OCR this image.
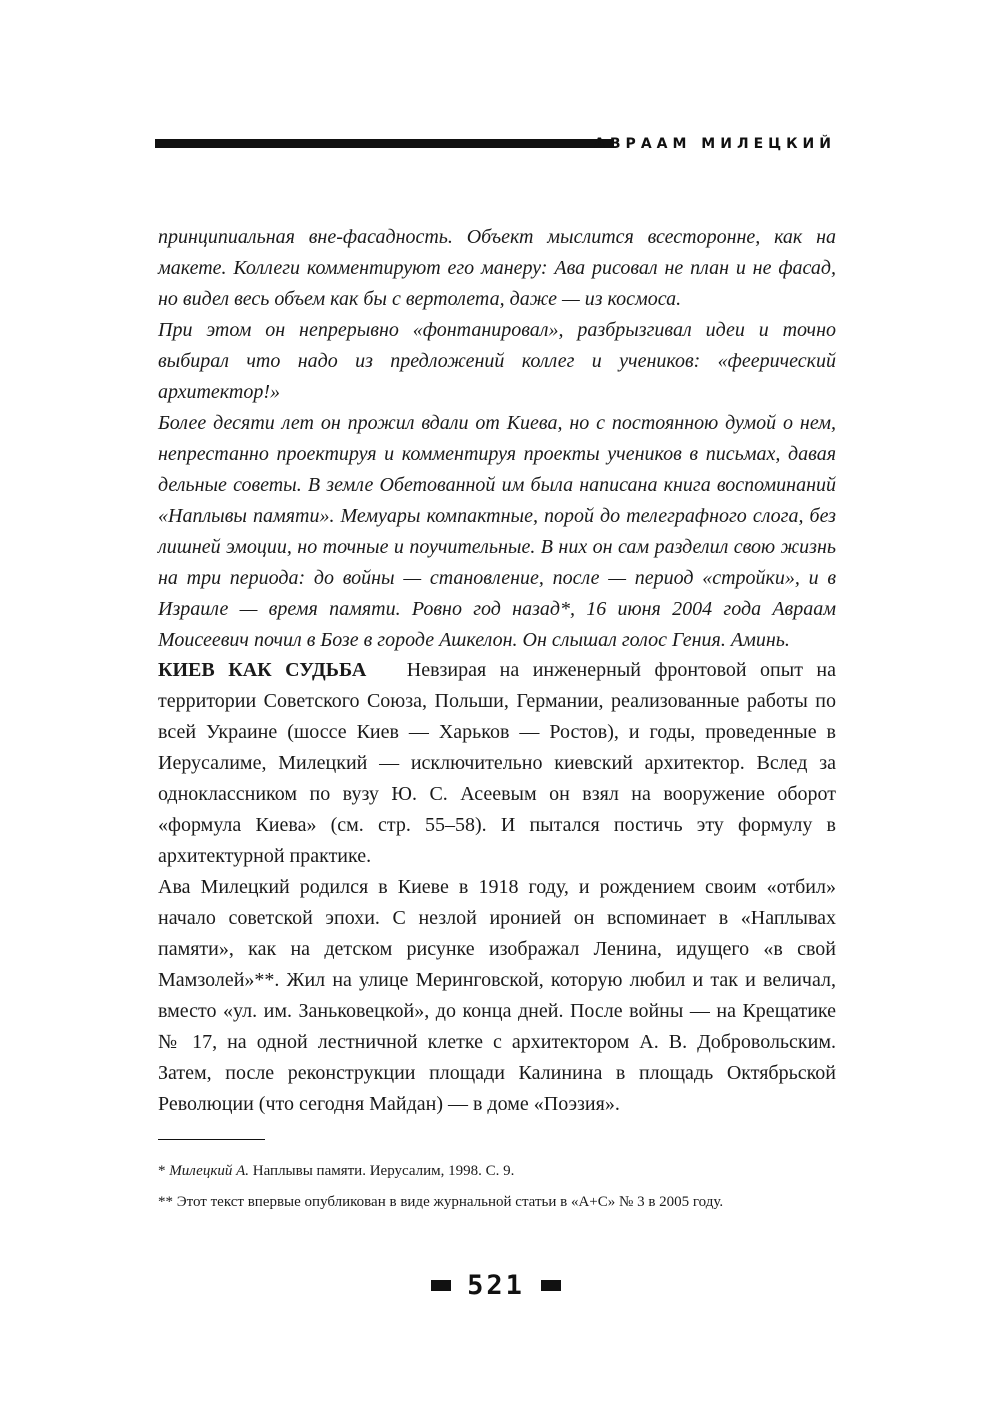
АВРААМ МИЛЕЦКИЙ

принципиальная вне-фасадность. Объект мыслится всесторонне, как на макете. Коллеги комментируют его манеру: Ава рисовал не план и не фасад, но видел весь объем как бы с вертолета, даже — из космоса.

При этом он непрерывно «фонтанировал», разбрызгивал идеи и точно выбирал что надо из предложений коллег и учеников: «феерический архитектор!»

Более десяти лет он прожил вдали от Киева, но с постоянною думой о нем, непрестанно проектируя и комментируя проекты учеников в письмах, давая дельные советы. В земле Обетованной им была написана книга воспоминаний «Наплывы памяти». Мемуары компактные, порой до телеграфного слога, без лишней эмоции, но точные и поучительные. В них он сам разделил свою жизнь на три периода: до войны — становление, после — период «стройки», и в Израиле — время памяти. Ровно год назад*, 16 июня 2004 года Авраам Моисеевич почил в Бозе в городе Ашкелон. Он слышал голос Гения. Аминь.

КИЕВ КАК СУДЬБА Невзирая на инженерный фронтовой опыт на территории Советского Союза, Польши, Германии, реализованные работы по всей Украине (шоссе Киев — Харьков — Ростов), и годы, проведенные в Иерусалиме, Милецкий — исключительно киевский архитектор. Вслед за одноклассником по вузу Ю. С. Асеевым он взял на вооружение оборот «формула Киева» (см. стр. 55–58). И пытался постичь эту формулу в архитектурной практике.

Ава Милецкий родился в Киеве в 1918 году, и рождением своим «отбил» начало советской эпохи. С незлой иронией он вспоминает в «Наплывах памяти», как на детском рисунке изображал Ленина, идущего «в свой Мамзолей»**. Жил на улице Меринговской, которую любил и так и величал, вместо «ул. им. Заньковецкой», до конца дней. После войны — на Крещатике № 17, на одной лестничной клетке с архитектором А. В. Добровольским. Затем, после реконструкции площади Калинина в площадь Октябрьской Революции (что сегодня Майдан) — в доме «Поэзия».

* Милецкий А. Наплывы памяти. Иерусалим, 1998. С. 9.

** Этот текст впервые опубликован в виде журнальной статьи в «А+С» № 3 в 2005 году.

521
